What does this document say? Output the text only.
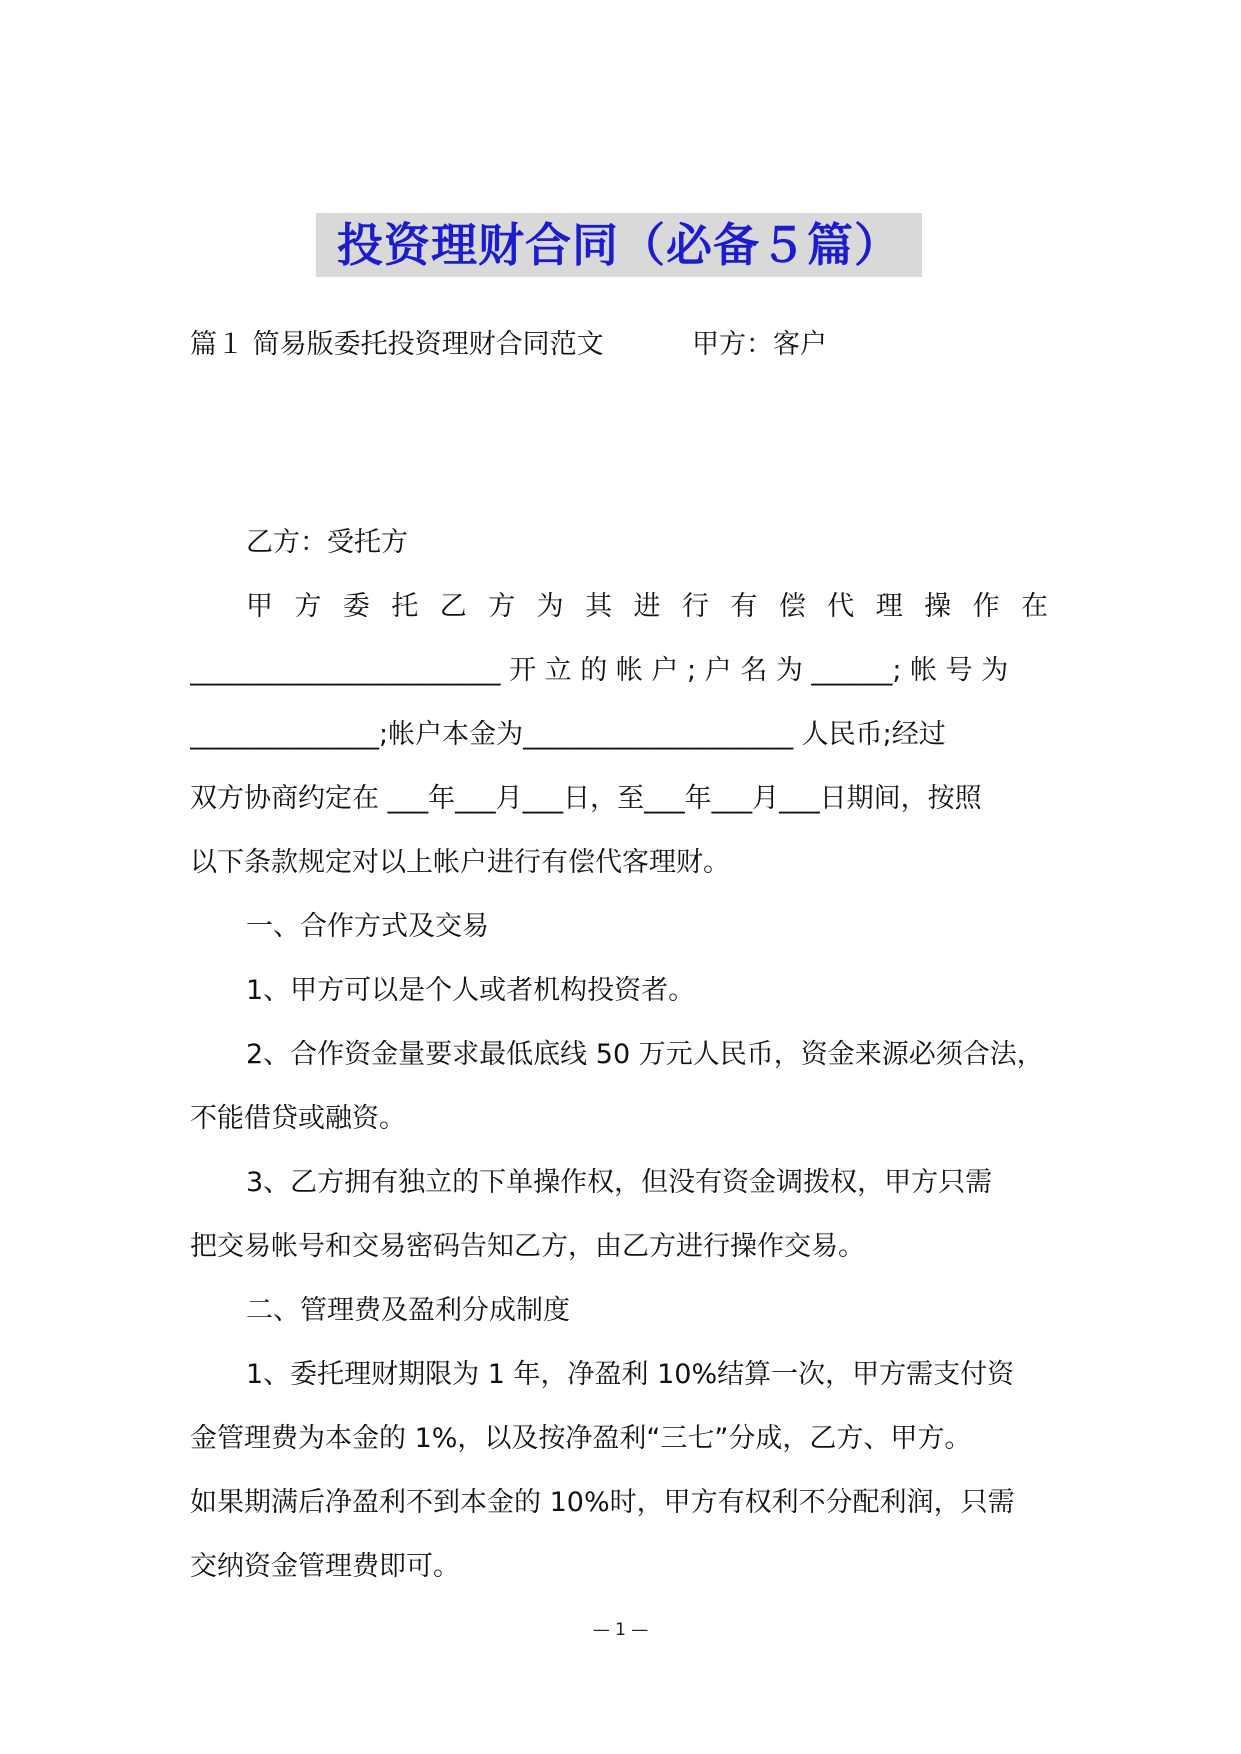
投资理财合同（必备５篇）
篇１ 简易版委托投资理财合同范文	甲方：客户
乙方：受托方
甲 方 委 托 乙 方 为 其 进 行 有 偿 代 理 操 作 在
_______________________ 开 立 的 帐 户 ; 户 名 为 ______; 帐 号 为
______________;帐户本金为____________________ 人民币;经过
双方协商约定在 ___年___月___日，至___年___月___日期间，按照
以下条款规定对以上帐户进行有偿代客理财。
一、合作方式及交易
1、甲方可以是个人或者机构投资者。
2、合作资金量要求最低底线 50 万元人民币，资金来源必须合法，
不能借贷或融资。
3、乙方拥有独立的下单操作权，但没有资金调拨权，甲方只需
把交易帐号和交易密码告知乙方，由乙方进行操作交易。
二、管理费及盈利分成制度
1、委托理财期限为 1 年，净盈利 10%结算一次，甲方需支付资
金管理费为本金的 1%，以及按净盈利“三七”分成，乙方、甲方。
如果期满后净盈利不到本金的 10%时，甲方有权利不分配利润，只需
交纳资金管理费即可。
— 1 —
